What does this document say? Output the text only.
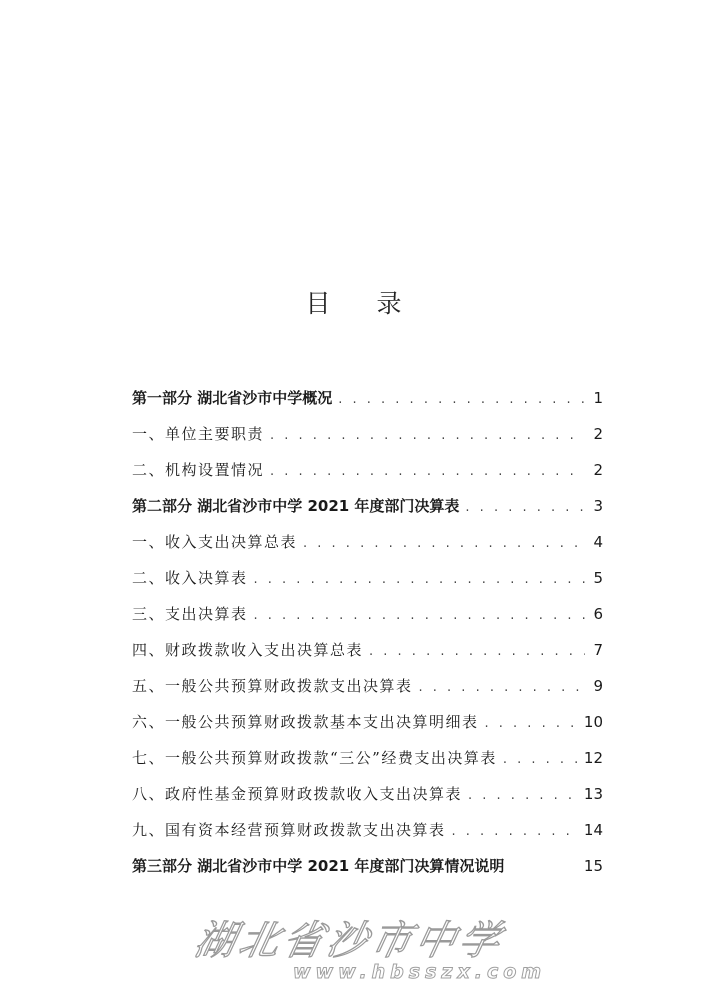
目录
第一部分 湖北省沙市中学概况 . . .	1
一、单位主要职责 . . .	2
二、机构设置情况 . . .	2
第二部分 湖北省沙市中学 2021 年度部门决算表 . . .	3
一、收入支出决算总表 . . .	4
二、收入决算表 . . .	5
三、支出决算表 . . .	6
四、财政拨款收入支出决算总表 . . .	7
五、一般公共预算财政拨款支出决算表 . . .	9
六、一般公共预算财政拨款基本支出决算明细表 . . .	10
七、一般公共预算财政拨款“三公”经费支出决算表 . . .	12
八、政府性基金预算财政拨款收入支出决算表 . . .	13
九、国有资本经营预算财政拨款支出决算表 . . .	14
第三部分 湖北省沙市中学 2021 年度部门决算情况说明	15
湖北省沙市中学
www.hbsszx.com
